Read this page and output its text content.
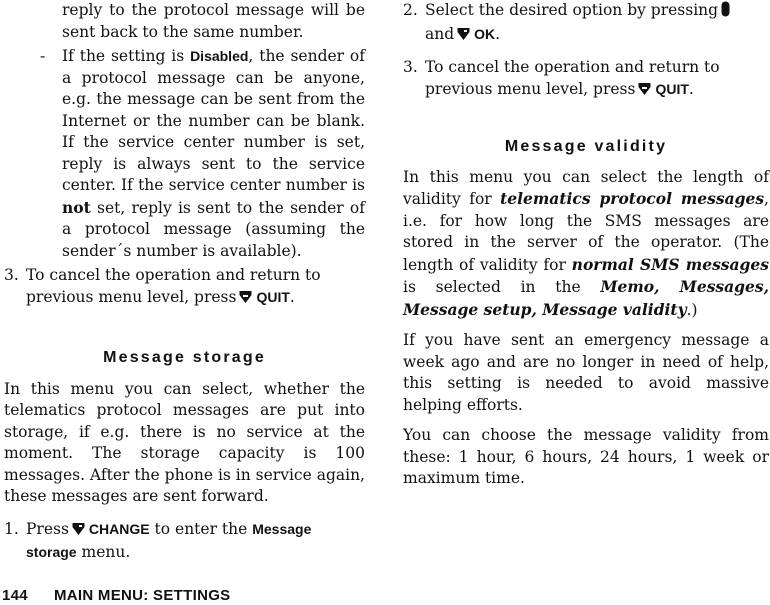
reply to the protocol message will be sent back to the same number.

- If the setting is Disabled, the sender of a protocol message can be anyone, e.g. the message can be sent from the Internet or the number can be blank. If the service center number is set, reply is always sent to the service center. If the service center number is not set, reply is sent to the sender of a protocol message (assuming the sender´s number is available).
3. To cancel the operation and return to previous menu level, press QUIT.
Message storage

In this menu you can select, whether the telematics protocol messages are put into storage, if e.g. there is no service at the moment. The storage capacity is 100 messages. After the phone is in service again, these messages are sent forward.

1. Press CHANGE to enter the Message storage menu.
2. Select the desired option by pressing
and OK.
3. To cancel the operation and return to previous menu level, press QUIT.
Message validity

In this menu you can select the length of validity for telematics protocol messages, i.e. for how long the SMS messages are stored in the server of the operator. (The length of validity for normal SMS messages is selected in the Memo, Messages, Message setup, Message validity.)

If you have sent an emergency message a week ago and are no longer in need of help, this setting is needed to avoid massive helping efforts.

You can choose the message validity from these: 1 hour, 6 hours, 24 hours, 1 week or maximum time.

144 MAIN MENU: SETTINGS
